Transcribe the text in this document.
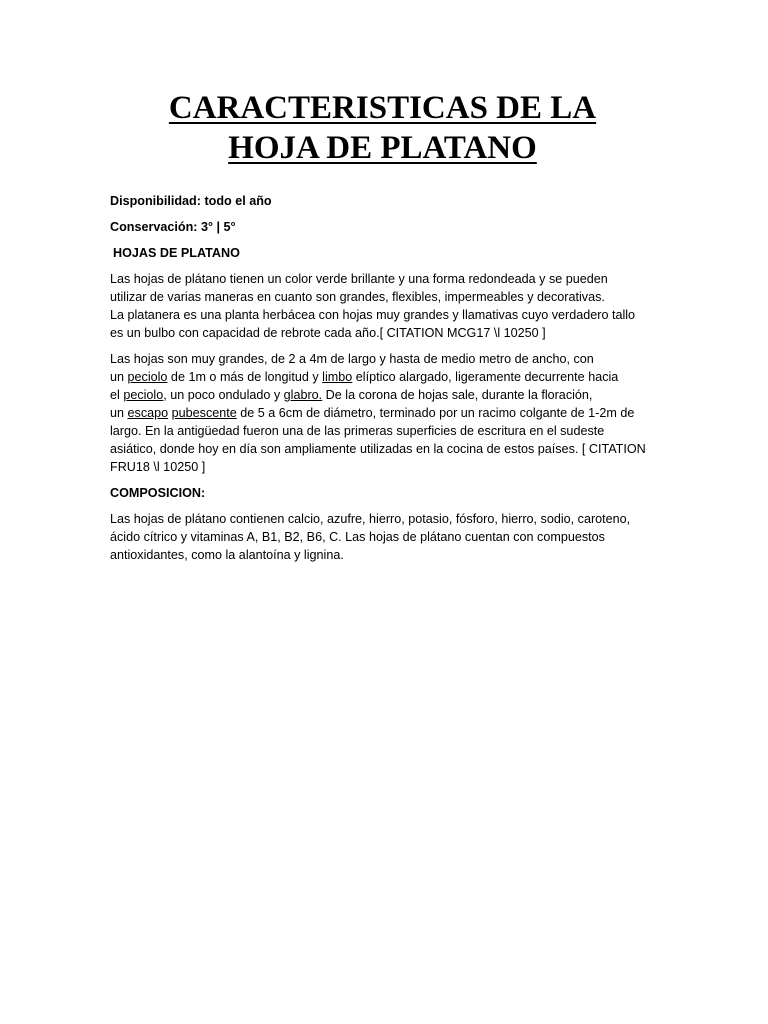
CARACTERISTICAS DE LA
HOJA DE PLATANO

Disponibilidad: todo el año

Conservación: 3° | 5°

HOJAS DE PLATANO

Las hojas de plátano tienen un color verde brillante y una forma redondeada y se pueden
utilizar de varias maneras en cuanto son grandes, flexibles, impermeables y decorativas.
La platanera es una planta herbácea con hojas muy grandes y llamativas cuyo verdadero tallo
es un bulbo con capacidad de rebrote cada año.[ CITATION MCG17 \l 10250 ]

Las hojas son muy grandes, de 2 a 4m de largo y hasta de medio metro de ancho, con
un peciolo de 1m o más de longitud y limbo elíptico alargado, ligeramente decurrente hacia
el peciolo, un poco ondulado y glabro. De la corona de hojas sale, durante la floración,
un escapo pubescente de 5 a 6cm de diámetro, terminado por un racimo colgante de 1-2m de
largo. En la antigüedad fueron una de las primeras superficies de escritura en el sudeste
asiático, donde hoy en día son ampliamente utilizadas en la cocina de estos países. [ CITATION
FRU18 \l 10250 ]

COMPOSICION:

Las hojas de plátano contienen calcio, azufre, hierro, potasio, fósforo, hierro, sodio, caroteno,
ácido cítrico y vitaminas A, B1, B2, B6, C. Las hojas de plátano cuentan con compuestos
antioxidantes, como la alantoína y lignina.
